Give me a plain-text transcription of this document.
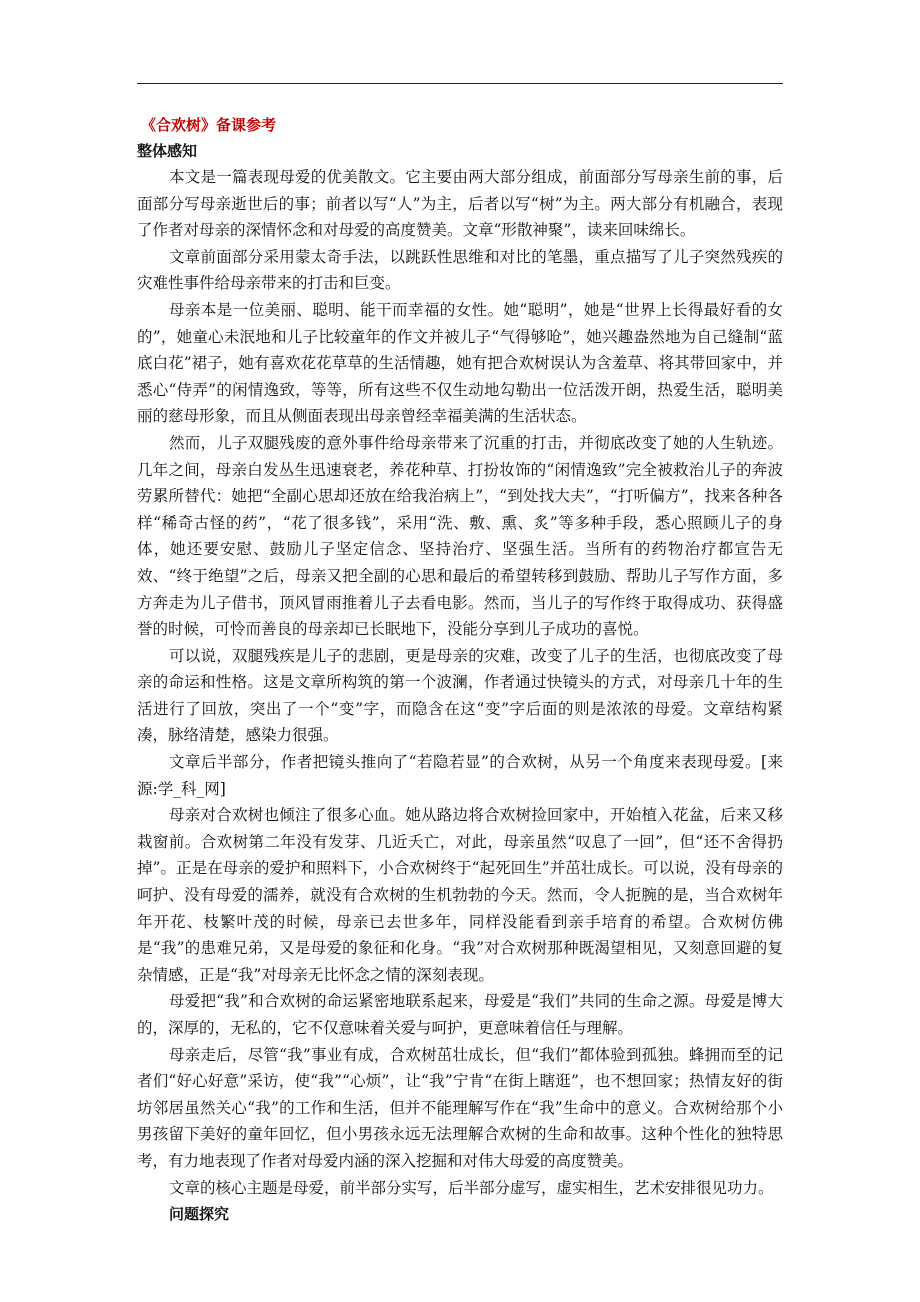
《合欢树》备课参考

整体感知

本文是一篇表现母爱的优美散文。它主要由两大部分组成，前面部分写母亲生前的事，后面部分写母亲逝世后的事；前者以写“人”为主，后者以写“树”为主。两大部分有机融合，表现了作者对母亲的深情怀念和对母爱的高度赞美。文章“形散神聚”，读来回味绵长。

文章前面部分采用蒙太奇手法，以跳跃性思维和对比的笔墨，重点描写了儿子突然残疾的灾难性事件给母亲带来的打击和巨变。

母亲本是一位美丽、聪明、能干而幸福的女性。她“聪明”，她是“世界上长得最好看的女的”，她童心未泯地和儿子比较童年的作文并被儿子“气得够呛”，她兴趣盎然地为自己缝制“蓝底白花”裙子，她有喜欢花花草草的生活情趣，她有把合欢树误认为含羞草、将其带回家中，并悉心“侍弄”的闲情逸致，等等，所有这些不仅生动地勾勒出一位活泼开朗，热爱生活，聪明美丽的慈母形象，而且从侧面表现出母亲曾经幸福美满的生活状态。

然而，儿子双腿残废的意外事件给母亲带来了沉重的打击，并彻底改变了她的人生轨迹。几年之间，母亲白发丛生迅速衰老，养花种草、打扮妆饰的“闲情逸致”完全被救治儿子的奔波劳累所替代：她把“全副心思却还放在给我治病上”，“到处找大夫”，“打听偏方”，找来各种各样“稀奇古怪的药”，“花了很多钱”，采用“洗、敷、熏、炙”等多种手段，悉心照顾儿子的身体，她还要安慰、鼓励儿子坚定信念、坚持治疗、坚强生活。当所有的药物治疗都宣告无效、“终于绝望”之后，母亲又把全副的心思和最后的希望转移到鼓励、帮助儿子写作方面，多方奔走为儿子借书，顶风冒雨推着儿子去看电影。然而，当儿子的写作终于取得成功、获得盛誉的时候，可怜而善良的母亲却已长眠地下，没能分享到儿子成功的喜悦。

可以说，双腿残疾是儿子的悲剧，更是母亲的灾难，改变了儿子的生活，也彻底改变了母亲的命运和性格。这是文章所构筑的第一个波澜，作者通过快镜头的方式，对母亲几十年的生活进行了回放，突出了一个“变”字，而隐含在这“变”字后面的则是浓浓的母爱。文章结构紧凑，脉络清楚，感染力很强。

文章后半部分，作者把镜头推向了“若隐若显”的合欢树，从另一个角度来表现母爱。[来源:学_科_网]

母亲对合欢树也倾注了很多心血。她从路边将合欢树捡回家中，开始植入花盆，后来又移栽窗前。合欢树第二年没有发芽、几近夭亡，对此，母亲虽然“叹息了一回”，但“还不舍得扔掉”。正是在母亲的爱护和照料下，小合欢树终于“起死回生”并茁壮成长。可以说，没有母亲的呵护、没有母爱的濡养，就没有合欢树的生机勃勃的今天。然而，令人扼腕的是，当合欢树年年开花、枝繁叶茂的时候，母亲已去世多年，同样没能看到亲手培育的希望。合欢树仿佛是“我”的患难兄弟，又是母爱的象征和化身。“我”对合欢树那种既渴望相见，又刻意回避的复杂情感，正是“我”对母亲无比怀念之情的深刻表现。

母爱把“我”和合欢树的命运紧密地联系起来，母爱是“我们”共同的生命之源。母爱是博大的，深厚的，无私的，它不仅意味着关爱与呵护，更意味着信任与理解。

母亲走后，尽管“我”事业有成，合欢树茁壮成长，但“我们”都体验到孤独。蜂拥而至的记者们“好心好意”采访，使“我”“心烦”，让“我”宁肯“在街上瞎逛”，也不想回家；热情友好的街坊邻居虽然关心“我”的工作和生活，但并不能理解写作在“我”生命中的意义。合欢树给那个小男孩留下美好的童年回忆，但小男孩永远无法理解合欢树的生命和故事。这种个性化的独特思考，有力地表现了作者对母爱内涵的深入挖掘和对伟大母爱的高度赞美。

文章的核心主题是母爱，前半部分实写，后半部分虚写，虚实相生，艺术安排很见功力。

问题探究
